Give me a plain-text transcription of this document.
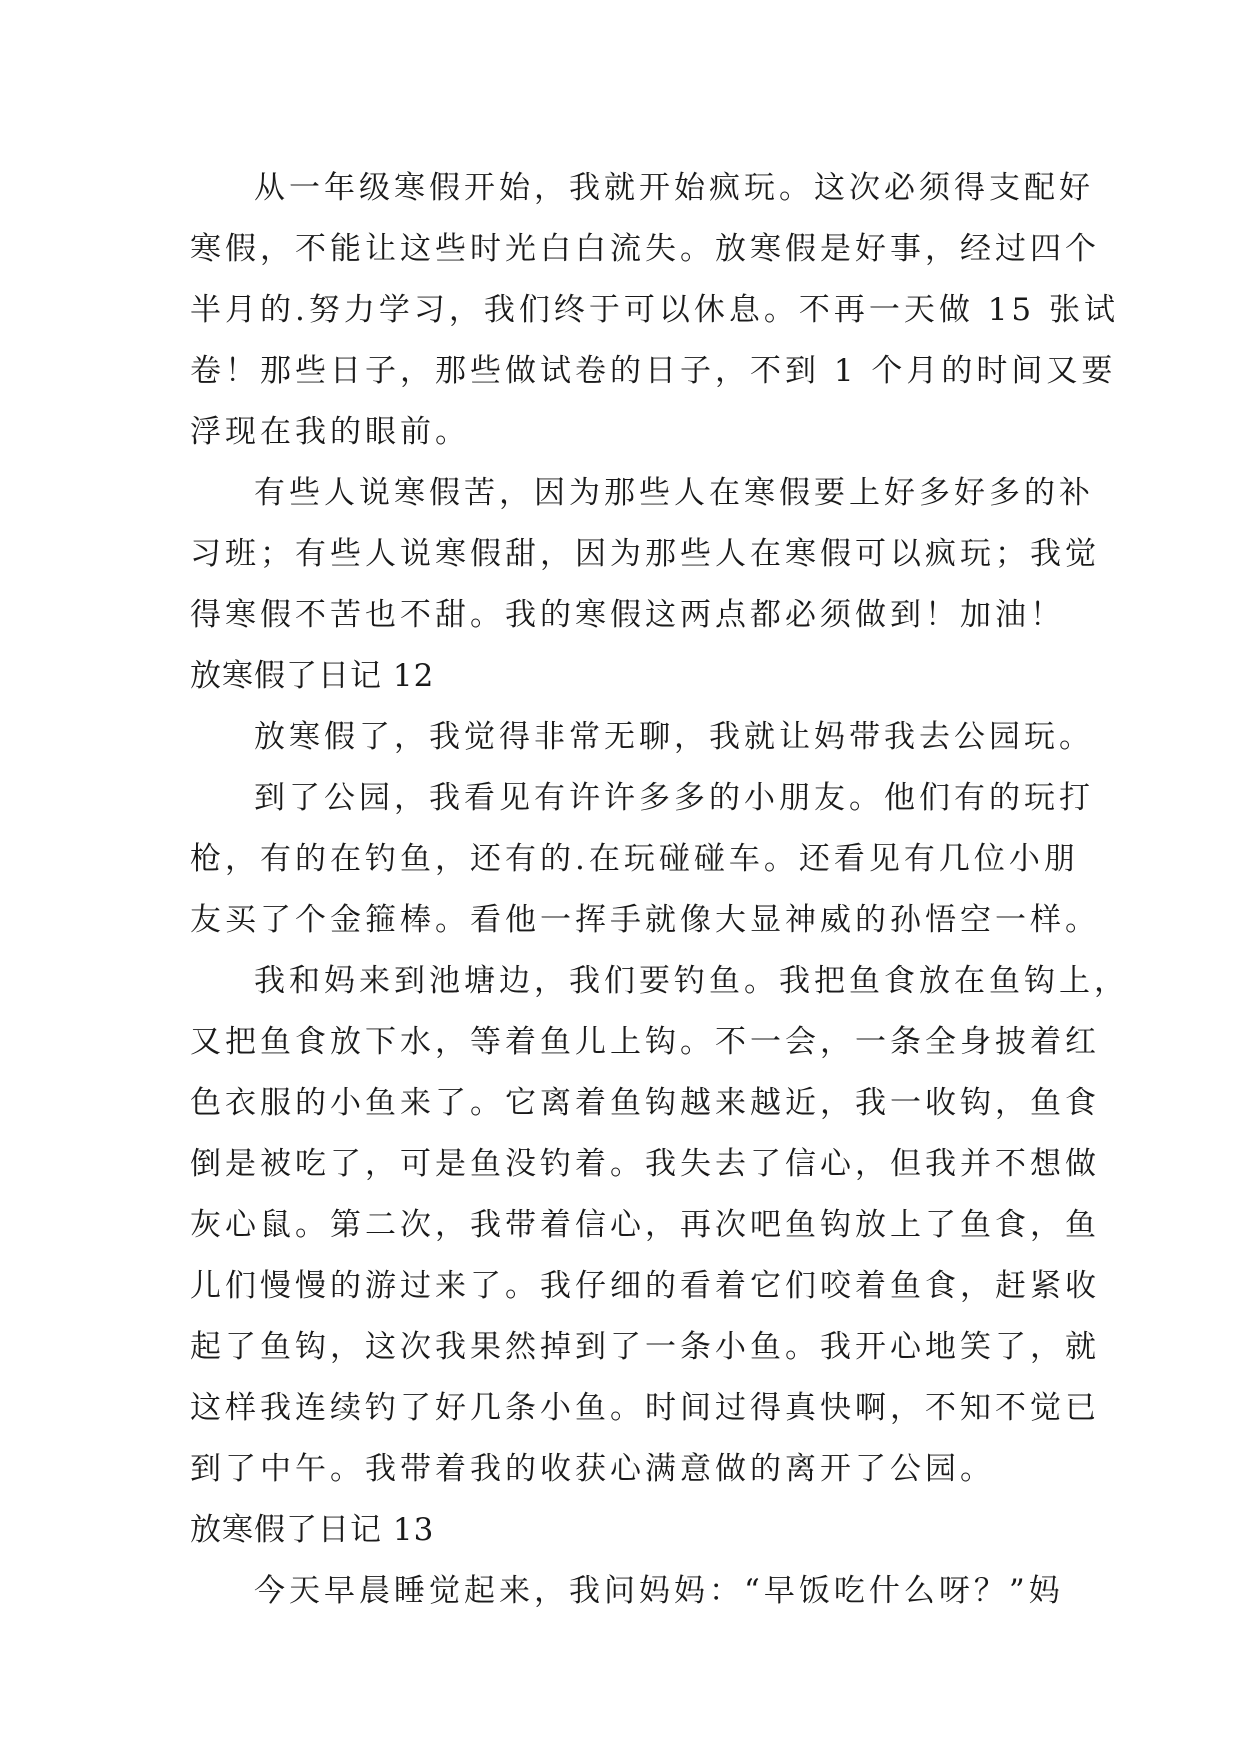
从一年级寒假开始，我就开始疯玩。这次必须得支配好
寒假，不能让这些时光白白流失。放寒假是好事，经过四个
半月的.努力学习，我们终于可以休息。不再一天做 15 张试
卷！那些日子，那些做试卷的日子，不到 1 个月的时间又要
浮现在我的眼前。
有些人说寒假苦，因为那些人在寒假要上好多好多的补
习班；有些人说寒假甜，因为那些人在寒假可以疯玩；我觉
得寒假不苦也不甜。我的寒假这两点都必须做到！加油！
放寒假了日记 12
放寒假了，我觉得非常无聊，我就让妈带我去公园玩。
到了公园，我看见有许许多多的小朋友。他们有的玩打
枪，有的在钓鱼，还有的.在玩碰碰车。还看见有几位小朋
友买了个金箍棒。看他一挥手就像大显神威的孙悟空一样。
我和妈来到池塘边，我们要钓鱼。我把鱼食放在鱼钩上，
又把鱼食放下水，等着鱼儿上钩。不一会，一条全身披着红
色衣服的小鱼来了。它离着鱼钩越来越近，我一收钩，鱼食
倒是被吃了，可是鱼没钓着。我失去了信心，但我并不想做
灰心鼠。第二次，我带着信心，再次吧鱼钩放上了鱼食，鱼
儿们慢慢的游过来了。我仔细的看着它们咬着鱼食，赶紧收
起了鱼钩，这次我果然掉到了一条小鱼。我开心地笑了，就
这样我连续钓了好几条小鱼。时间过得真快啊，不知不觉已
到了中午。我带着我的收获心满意做的离开了公园。
放寒假了日记 13
今天早晨睡觉起来，我问妈妈：“早饭吃什么呀？”妈
